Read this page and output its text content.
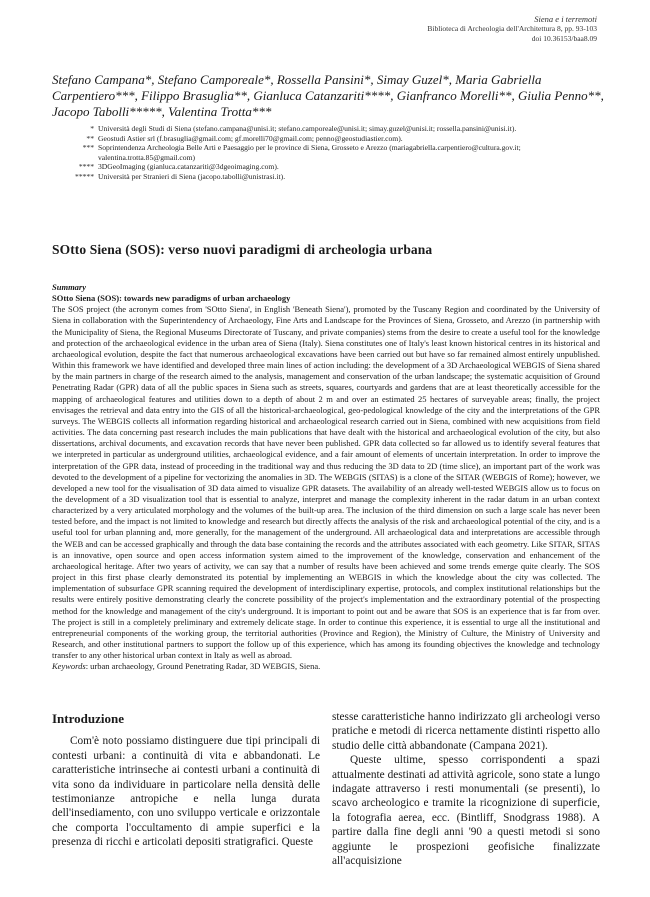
Siena e i terremoti
Biblioteca di Archeologia dell'Architettura 8, pp. 93-103
doi 10.36153/baa8.09
Stefano Campana*, Stefano Camporeale*, Rossella Pansini*, Simay Guzel*, Maria Gabriella Carpentiero***, Filippo Brasuglia**, Gianluca Catanzariti****, Gianfranco Morelli**, Giulia Penno**, Jacopo Tabolli*****, Valentina Trotta***
* Università degli Studi di Siena (stefano.campana@unisi.it; stefano.camporeale@unisi.it; simay.guzel@unisi.it; rossella.pansini@unisi.it).
** Geostudi Astier srl (f.brasuglia@gmail.com; gf.morelli70@gmail.com; penno@geostudiastier.com).
*** Soprintendenza Archeologia Belle Arti e Paesaggio per le province di Siena, Grosseto e Arezzo (mariagabriella.carpentiero@cultura.gov.it; valentina.trotta.85@gmail.com)
**** 3DGeoImaging (gianluca.catanzariti@3dgeoimaging.com).
***** Università per Stranieri di Siena (jacopo.tabolli@unistrasi.it).
SOtto Siena (SOS): verso nuovi paradigmi di archeologia urbana
Summary
SOtto Siena (SOS): towards new paradigms of urban archaeology

The SOS project (the acronym comes from 'SOtto Siena', in English 'Beneath Siena'), promoted by the Tuscany Region and coordinated by the University of Siena in collaboration with the Superintendency of Archaeology, Fine Arts and Landscape for the Provinces of Siena, Grosseto, and Arezzo (in partnership with the Municipality of Siena, the Regional Museums Directorate of Tuscany, and private companies) stems from the desire to create a useful tool for the knowledge and protection of the archaeological evidence in the urban area of Siena (Italy). Siena constitutes one of Italy's least known historical centres in its historical and archaeological evolution, despite the fact that numerous archaeological excavations have been carried out but have so far remained almost entirely unpublished. Within this framework we have identified and developed three main lines of action including: the development of a 3D Archaeological WEBGIS of Siena shared by the main partners in charge of the research aimed to the analysis, management and conservation of the urban landscape; the systematic acquisition of Ground Penetrating Radar (GPR) data of all the public spaces in Siena such as streets, squares, courtyards and gardens that are at least theoretically accessible for the mapping of archaeological features and utilities down to a depth of about 2 m and over an estimated 25 hectares of surveyable areas; finally, the project envisages the retrieval and data entry into the GIS of all the historical-archaeological, geo-pedological knowledge of the city and the interpretations of the GPR surveys. The WEBGIS collects all information regarding historical and archaeological research carried out in Siena, combined with new acquisitions from field activities. The data concerning past research includes the main publications that have dealt with the historical and archaeological evolution of the city, but also dissertations, archival documents, and excavation records that have never been published. GPR data collected so far allowed us to identify several features that we interpreted in particular as underground utilities, archaeological evidence, and a fair amount of elements of uncertain interpretation. In order to improve the interpretation of the GPR data, instead of proceeding in the traditional way and thus reducing the 3D data to 2D (time slice), an important part of the work was devoted to the development of a pipeline for vectorizing the anomalies in 3D. The WEBGIS (SITAS) is a clone of the SITAR (WEBGIS of Rome); however, we developed a new tool for the visualisation of 3D data aimed to visualize GPR datasets. The availability of an already well-tested WEBGIS allow us to focus on the development of a 3D visualization tool that is essential to analyze, interpret and manage the complexity inherent in the radar datum in an urban context characterized by a very articulated morphology and the volumes of the built-up area. The inclusion of the third dimension on such a large scale has never been tested before, and the impact is not limited to knowledge and research but directly affects the analysis of the risk and archaeological potential of the city, and is a useful tool for urban planning and, more generally, for the management of the underground. All archaeological data and interpretations are accessible through the WEB and can be accessed graphically and through the data base containing the records and the attributes associated with each geometry. Like SITAR, SITAS is an innovative, open source and open access information system aimed to the improvement of the knowledge, conservation and enhancement of the archaeological heritage. After two years of activity, we can say that a number of results have been achieved and some trends emerge quite clearly. The SOS project in this first phase clearly demonstrated its potential by implementing an WEBGIS in which the knowledge about the city was collected. The implementation of subsurface GPR scanning required the development of interdisciplinary expertise, protocols, and complex institutional relationships but the results were entirely positive demonstrating clearly the concrete possibility of the project's implementation and the extraordinary potential of the prospecting method for the knowledge and management of the city's underground. It is important to point out and be aware that SOS is an experience that is far from over. The project is still in a completely preliminary and extremely delicate stage. In order to continue this experience, it is essential to urge all the institutional and entrepreneurial components of the working group, the territorial authorities (Province and Region), the Ministry of Culture, the Ministry of University and Research, and other institutional partners to support the follow up of this experience, which has among its founding objectives the knowledge and technology transfer to any other historical urban context in Italy as well as abroad.

Keywords: urban archaeology, Ground Penetrating Radar, 3D WEBGIS, Siena.

Introduzione

Com'è noto possiamo distinguere due tipi principali di contesti urbani: a continuità di vita e abbandonati. Le caratteristiche intrinseche ai contesti urbani a continuità di vita sono da individuare in particolare nella densità delle testimonianze antropiche e nella lunga durata dell'insediamento, con uno sviluppo verticale e orizzontale che comporta l'occultamento di ampie superfici e la presenza di ricchi e articolati depositi stratigrafici. Queste

stesse caratteristiche hanno indirizzato gli archeologi verso pratiche e metodi di ricerca nettamente distinti rispetto allo studio delle città abbandonate (Campana 2021).

Queste ultime, spesso corrispondenti a spazi attualmente destinati ad attività agricole, sono state a lungo indagate attraverso i resti monumentali (se presenti), lo scavo archeologico e tramite la ricognizione di superficie, la fotografia aerea, ecc. (Bintliff, Snodgrass 1988). A partire dalla fine degli anni '90 a questi metodi si sono aggiunte le prospezioni geofisiche finalizzate all'acquisizione
